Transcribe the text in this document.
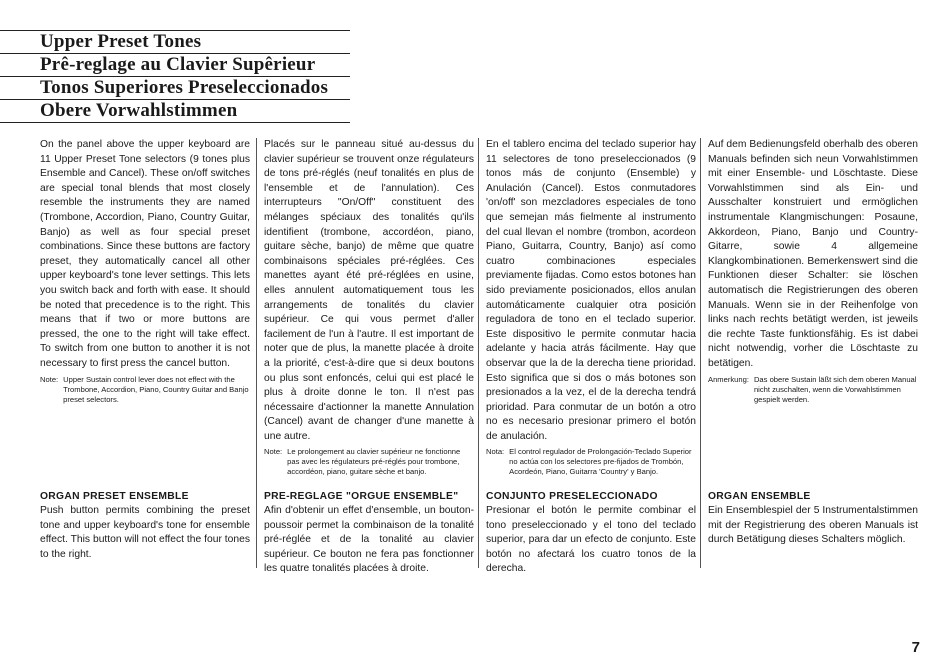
Upper Preset Tones
Prê-reglage au Clavier Supêrieur
Tonos Superiores Preseleccionados
Obere Vorwahlstimmen

On the panel above the upper keyboard are 11 Upper Preset Tone selectors (9 tones plus Ensemble and Cancel). These on/off switches are special tonal blends that most closely resemble the instruments they are named (Trombone, Accordion, Piano, Country Guitar, Banjo) as well as four special preset combinations. Since these buttons are factory preset, they automatically cancel all other upper keyboard's tone lever settings. This lets you switch back and forth with ease. It should be noted that precedence is to the right. This means that if two or more buttons are pressed, the one to the right will take effect. To switch from one button to another it is not necessary to first press the cancel button.

Note: Upper Sustain control lever does not effect with the Trombone, Accordion, Piano, Country Guitar and Banjo preset selectors.
ORGAN PRESET ENSEMBLE
Push button permits combining the preset tone and upper keyboard's tone for ensemble effect. This button will not effect the four tones to the right.

Placés sur le panneau situé au-dessus du clavier supérieur se trouvent onze régulateurs de tons pré-réglés (neuf tonalités en plus de l'ensemble et de l'annulation). Ces interrupteurs "On/Off" constituent des mélanges spéciaux des tonalités qu'ils identifient (trombone, accordéon, piano, guitare sèche, banjo) de même que quatre combinaisons spéciales pré-réglées. Ces manettes ayant été pré-réglées en usine, elles annulent automatiquement tous les arrangements de tonalités du clavier supérieur. Ce qui vous permet d'aller facilement de l'un à l'autre. Il est important de noter que de plus, la manette placée à droite a la priorité, c'est-à-dire que si deux boutons ou plus sont enfoncés, celui qui est placé le plus à droite donne le ton. Il n'est pas nécessaire d'actionner la manette Annulation (Cancel) avant de changer d'une manette à une autre.

Note: Le prolongement au clavier supérieur ne fonctionne pas avec les régulateurs pré-réglés pour trombone, accordéon, piano, guitare sèche et banjo.
PRE-REGLAGE "ORGUE ENSEMBLE"
Afin d'obtenir un effet d'ensemble, un bouton-poussoir permet la combinaison de la tonalité pré-réglée et de la tonalité au clavier supérieur. Ce bouton ne fera pas fonctionner les quatre tonalités placées à droite.

En el tablero encima del teclado superior hay 11 selectores de tono preseleccionados (9 tonos más de conjunto (Ensemble) y Anulación (Cancel). Estos conmutadores 'on/off' son mezcladores especiales de tono que semejan más fielmente al instrumento del cual llevan el nombre (trombon, acordeon Piano, Guitarra, Country, Banjo) así como cuatro combinaciones especiales previamente fijadas. Como estos botones han sido previamente posicionados, ellos anulan automáticamente cualquier otra posición reguladora de tono en el teclado superior. Este dispositivo le permite conmutar hacia adelante y hacia atrás fácilmente. Hay que observar que la de la derecha tiene prioridad. Esto significa que si dos o más botones son presionados a la vez, el de la derecha tendrá prioridad. Para conmutar de un botón a otro no es necesario presionar primero el botón de anulación.

Nota: El control regulador de Prolongación-Teclado Superior no actúa con los selectores pre-fijados de Trombón, Acordeón, Piano, Guitarra 'Country' y Banjo.
CONJUNTO PRESELECCIONADO
Presionar el botón le permite combinar el tono preseleccionado y el tono del teclado superior, para dar un efecto de conjunto. Este botón no afectará los cuatro tonos de la derecha.

Auf dem Bedienungsfeld oberhalb des oberen Manuals befinden sich neun Vorwahlstimmen mit einer Ensemble- und Löschtaste. Diese Vorwahlstimmen sind als Ein- und Ausschalter konstruiert und ermöglichen instrumentale Klangmischungen: Posaune, Akkordeon, Piano, Banjo und Country-Gitarre, sowie 4 allgemeine Klangkombinationen. Bemerkenswert sind die Funktionen dieser Schalter: sie löschen automatisch die Registrierungen des oberen Manuals. Wenn sie in der Reihenfolge von links nach rechts betätigt werden, ist jeweils die rechte Taste funktionsfähig. Es ist dabei nicht notwendig, vorher die Löschtaste zu betätigen.

Anmerkung: Das obere Sustain läßt sich dem oberen Manual nicht zuschalten, wenn die Vorwahlstimmen gespielt werden.
ORGAN ENSEMBLE
Ein Ensemblespiel der 5 Instrumentalstimmen mit der Registrierung des oberen Manuals ist durch Betätigung dieses Schalters möglich.
7
